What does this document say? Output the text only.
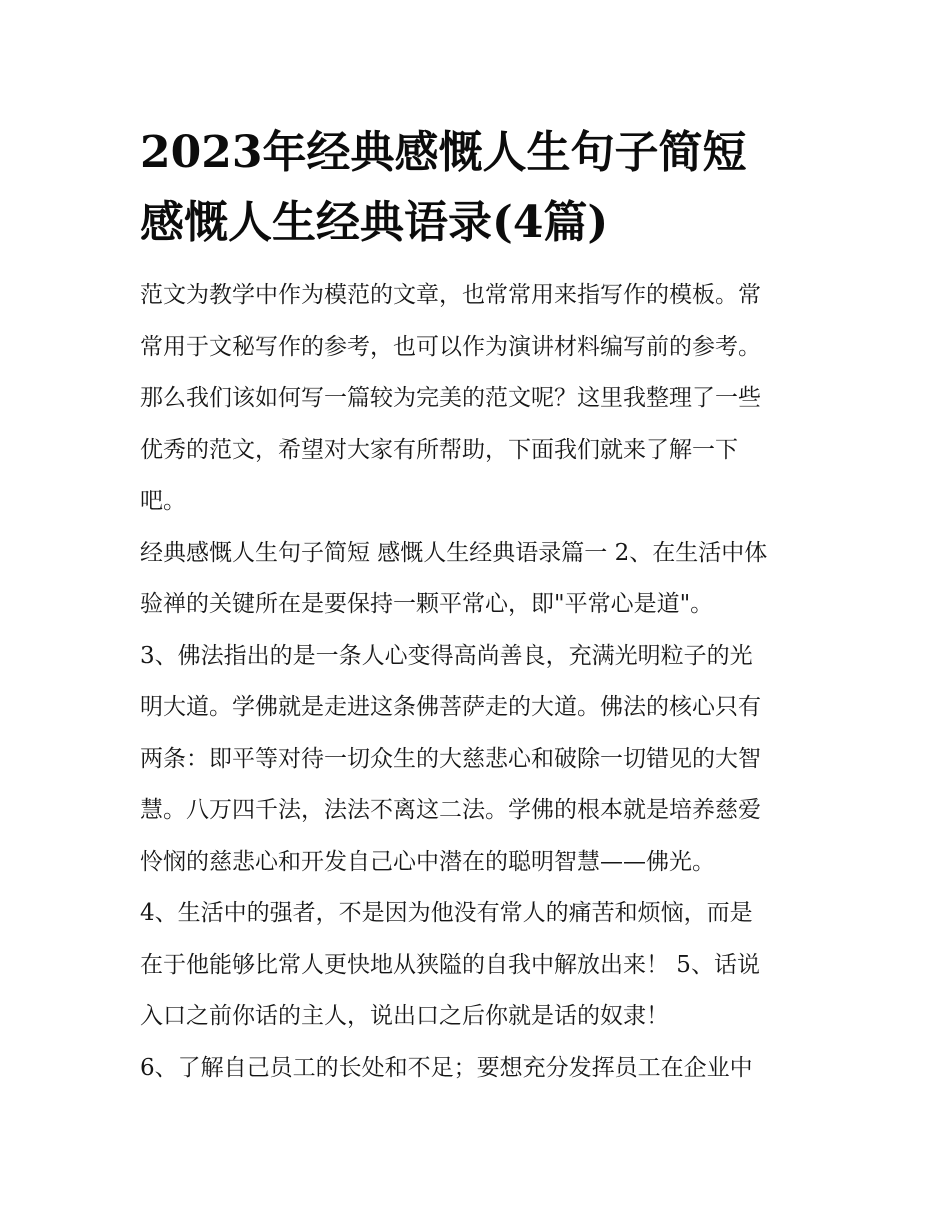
2023年经典感慨人生句子简短
感慨人生经典语录(4篇)

范文为教学中作为模范的文章，也常常用来指写作的模板。常
常用于文秘写作的参考，也可以作为演讲材料编写前的参考。
那么我们该如何写一篇较为完美的范文呢？这里我整理了一些
优秀的范文，希望对大家有所帮助，下面我们就来了解一下
吧。

经典感慨人生句子简短 感慨人生经典语录篇一 2、在生活中体
验禅的关键所在是要保持一颗平常心，即"平常心是道"。

3、佛法指出的是一条人心变得高尚善良，充满光明粒子的光
明大道。学佛就是走进这条佛菩萨走的大道。佛法的核心只有
两条：即平等对待一切众生的大慈悲心和破除一切错见的大智
慧。八万四千法，法法不离这二法。学佛的根本就是培养慈爱
怜悯的慈悲心和开发自己心中潜在的聪明智慧——佛光。

4、生活中的强者，不是因为他没有常人的痛苦和烦恼，而是
在于他能够比常人更快地从狭隘的自我中解放出来！ 5、话说
入口之前你话的主人，说出口之后你就是话的奴隶！

6、了解自己员工的长处和不足；要想充分发挥员工在企业中
